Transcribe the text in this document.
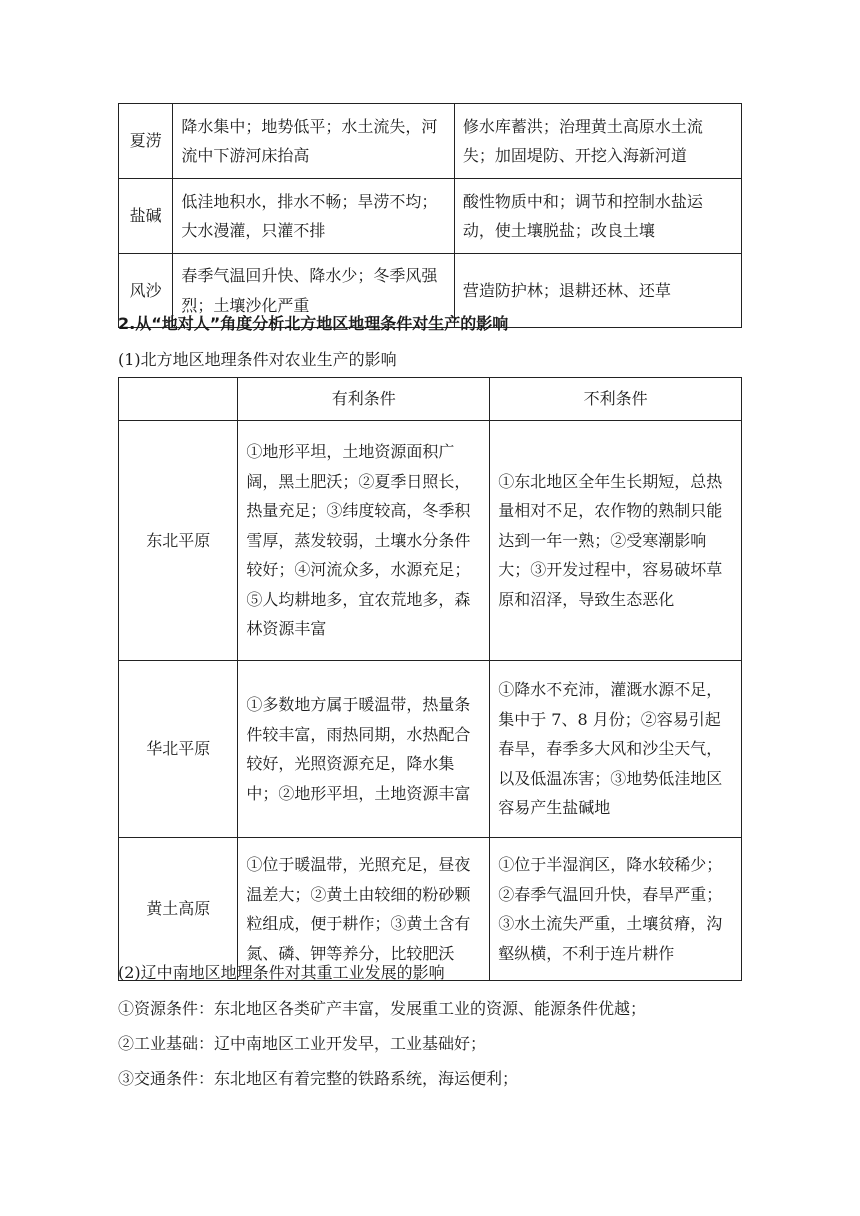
夏涝	降水集中；地势低平；水土流失，河流中下游河床抬高	修水库蓄洪；治理黄土高原水土流失；加固堤防、开挖入海新河道
盐碱	低洼地积水，排水不畅；旱涝不均；大水漫灌，只灌不排	酸性物质中和；调节和控制水盐运动，使土壤脱盐；改良土壤
风沙	春季气温回升快、降水少；冬季风强烈；土壤沙化严重	营造防护林；退耕还林、还草
2.从“地对人”角度分析北方地区地理条件对生产的影响
(1)北方地区地理条件对农业生产的影响
	有利条件	不利条件
东北平原	①地形平坦，土地资源面积广阔，黑土肥沃；②夏季日照长，热量充足；③纬度较高，冬季积雪厚，蒸发较弱，土壤水分条件较好；④河流众多，水源充足；⑤人均耕地多，宜农荒地多，森林资源丰富	①东北地区全年生长期短，总热量相对不足，农作物的熟制只能达到一年一熟；②受寒潮影响大；③开发过程中，容易破坏草原和沼泽，导致生态恶化
华北平原	①多数地方属于暖温带，热量条件较丰富，雨热同期，水热配合较好，光照资源充足，降水集中；②地形平坦，土地资源丰富	①降水不充沛，灌溉水源不足，集中于 7、8 月份；②容易引起春旱，春季多大风和沙尘天气，以及低温冻害；③地势低洼地区容易产生盐碱地
黄土高原	①位于暖温带，光照充足，昼夜温差大；②黄土由较细的粉砂颗粒组成，便于耕作；③黄土含有氮、磷、钾等养分，比较肥沃	①位于半湿润区，降水较稀少；②春季气温回升快，春旱严重；③水土流失严重，土壤贫瘠，沟壑纵横，不利于连片耕作
(2)辽中南地区地理条件对其重工业发展的影响
①资源条件：东北地区各类矿产丰富，发展重工业的资源、能源条件优越；
②工业基础：辽中南地区工业开发早，工业基础好；
③交通条件：东北地区有着完整的铁路系统，海运便利；
